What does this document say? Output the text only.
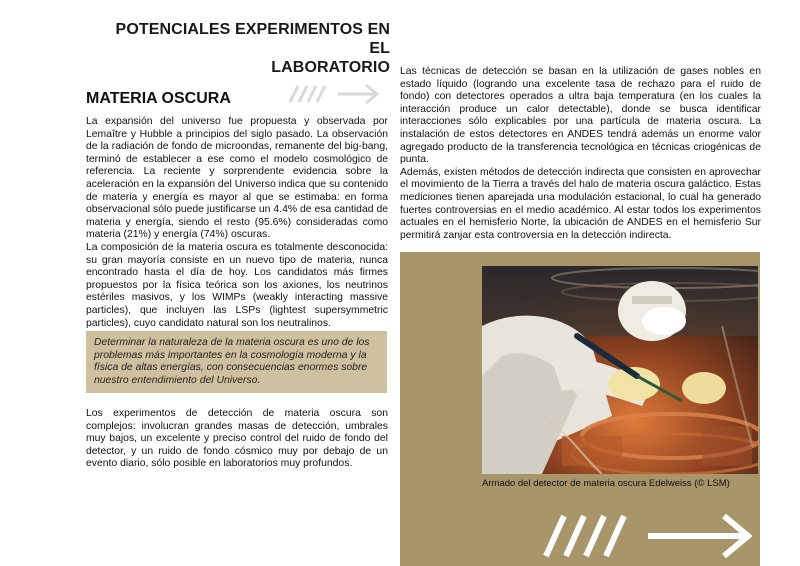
POTENCIALES EXPERIMENTOS EN EL
LABORATORIO
MATERIA OSCURA

La expansión del universo fue propuesta y observada por Lemaître y Hubble a principios del siglo pasado. La observación de la radiación de fondo de microondas, remanente del big-bang, terminó de establecer a ese como el modelo cosmológico de referencia. La reciente y sorprendente evidencia sobre la aceleración en la expansión del Universo indica que su contenido de materia y energía es mayor al que se estimaba: en forma observacional sólo puede justificarse un 4.4% de esa cantidad de materia y energía, siendo el resto (95.6%) consideradas como materia (21%) y energía (74%) oscuras.

La composición de la materia oscura es totalmente desconocida: su gran mayoría consiste en un nuevo tipo de materia, nunca encontrado hasta el día de hoy. Los candidatos más firmes propuestos por la física teórica son los axiones, los neutrinos estériles masivos, y los WIMPs (weakly interacting massive particles), que incluyen las LSPs (lightest supersymmetric particles), cuyo candidato natural son los neutralinos.

Determinar la naturaleza de la materia oscura es uno de los problemas más importantes en la cosmología moderna y la física de altas energías, con consecuencias enormes sobre nuestro entendimiento del Universo.

Los experimentos de detección de materia oscura son complejos: involucran grandes masas de detección, umbrales muy bajos, un excelente y preciso control del ruido de fondo del detector, y un ruido de fondo cósmico muy por debajo de un evento diario, sólo posible en laboratorios muy profundos.

Las técnicas de detección se basan en la utilización de gases nobles en estado líquido (logrando una excelente tasa de rechazo para el ruido de fondo) con detectores operados a ultra baja temperatura (en los cuales la interacción produce un calor detectable), donde se busca identificar interacciones sólo explicables por una partícula de materia oscura. La instalación de estos detectores en ANDES tendrá además un enorme valor agregado producto de la transferencia tecnológica en técnicas criogénicas de punta.

Además, existen métodos de detección indirecta que consisten en aprovechar el movimiento de la Tierra a través del halo de materia oscura galáctico. Estas mediciones tienen aparejada una modulación estacional, lo cual ha generado fuertes controversias en el medio académico. Al estar todos los experimentos actuales en el hemisferio Norte, la ubicación de ANDES en el hemisferio Sur permitirá zanjar esta controversia en la detección indirecta.

Armado del detector de materia oscura Edelweiss (© LSM)
